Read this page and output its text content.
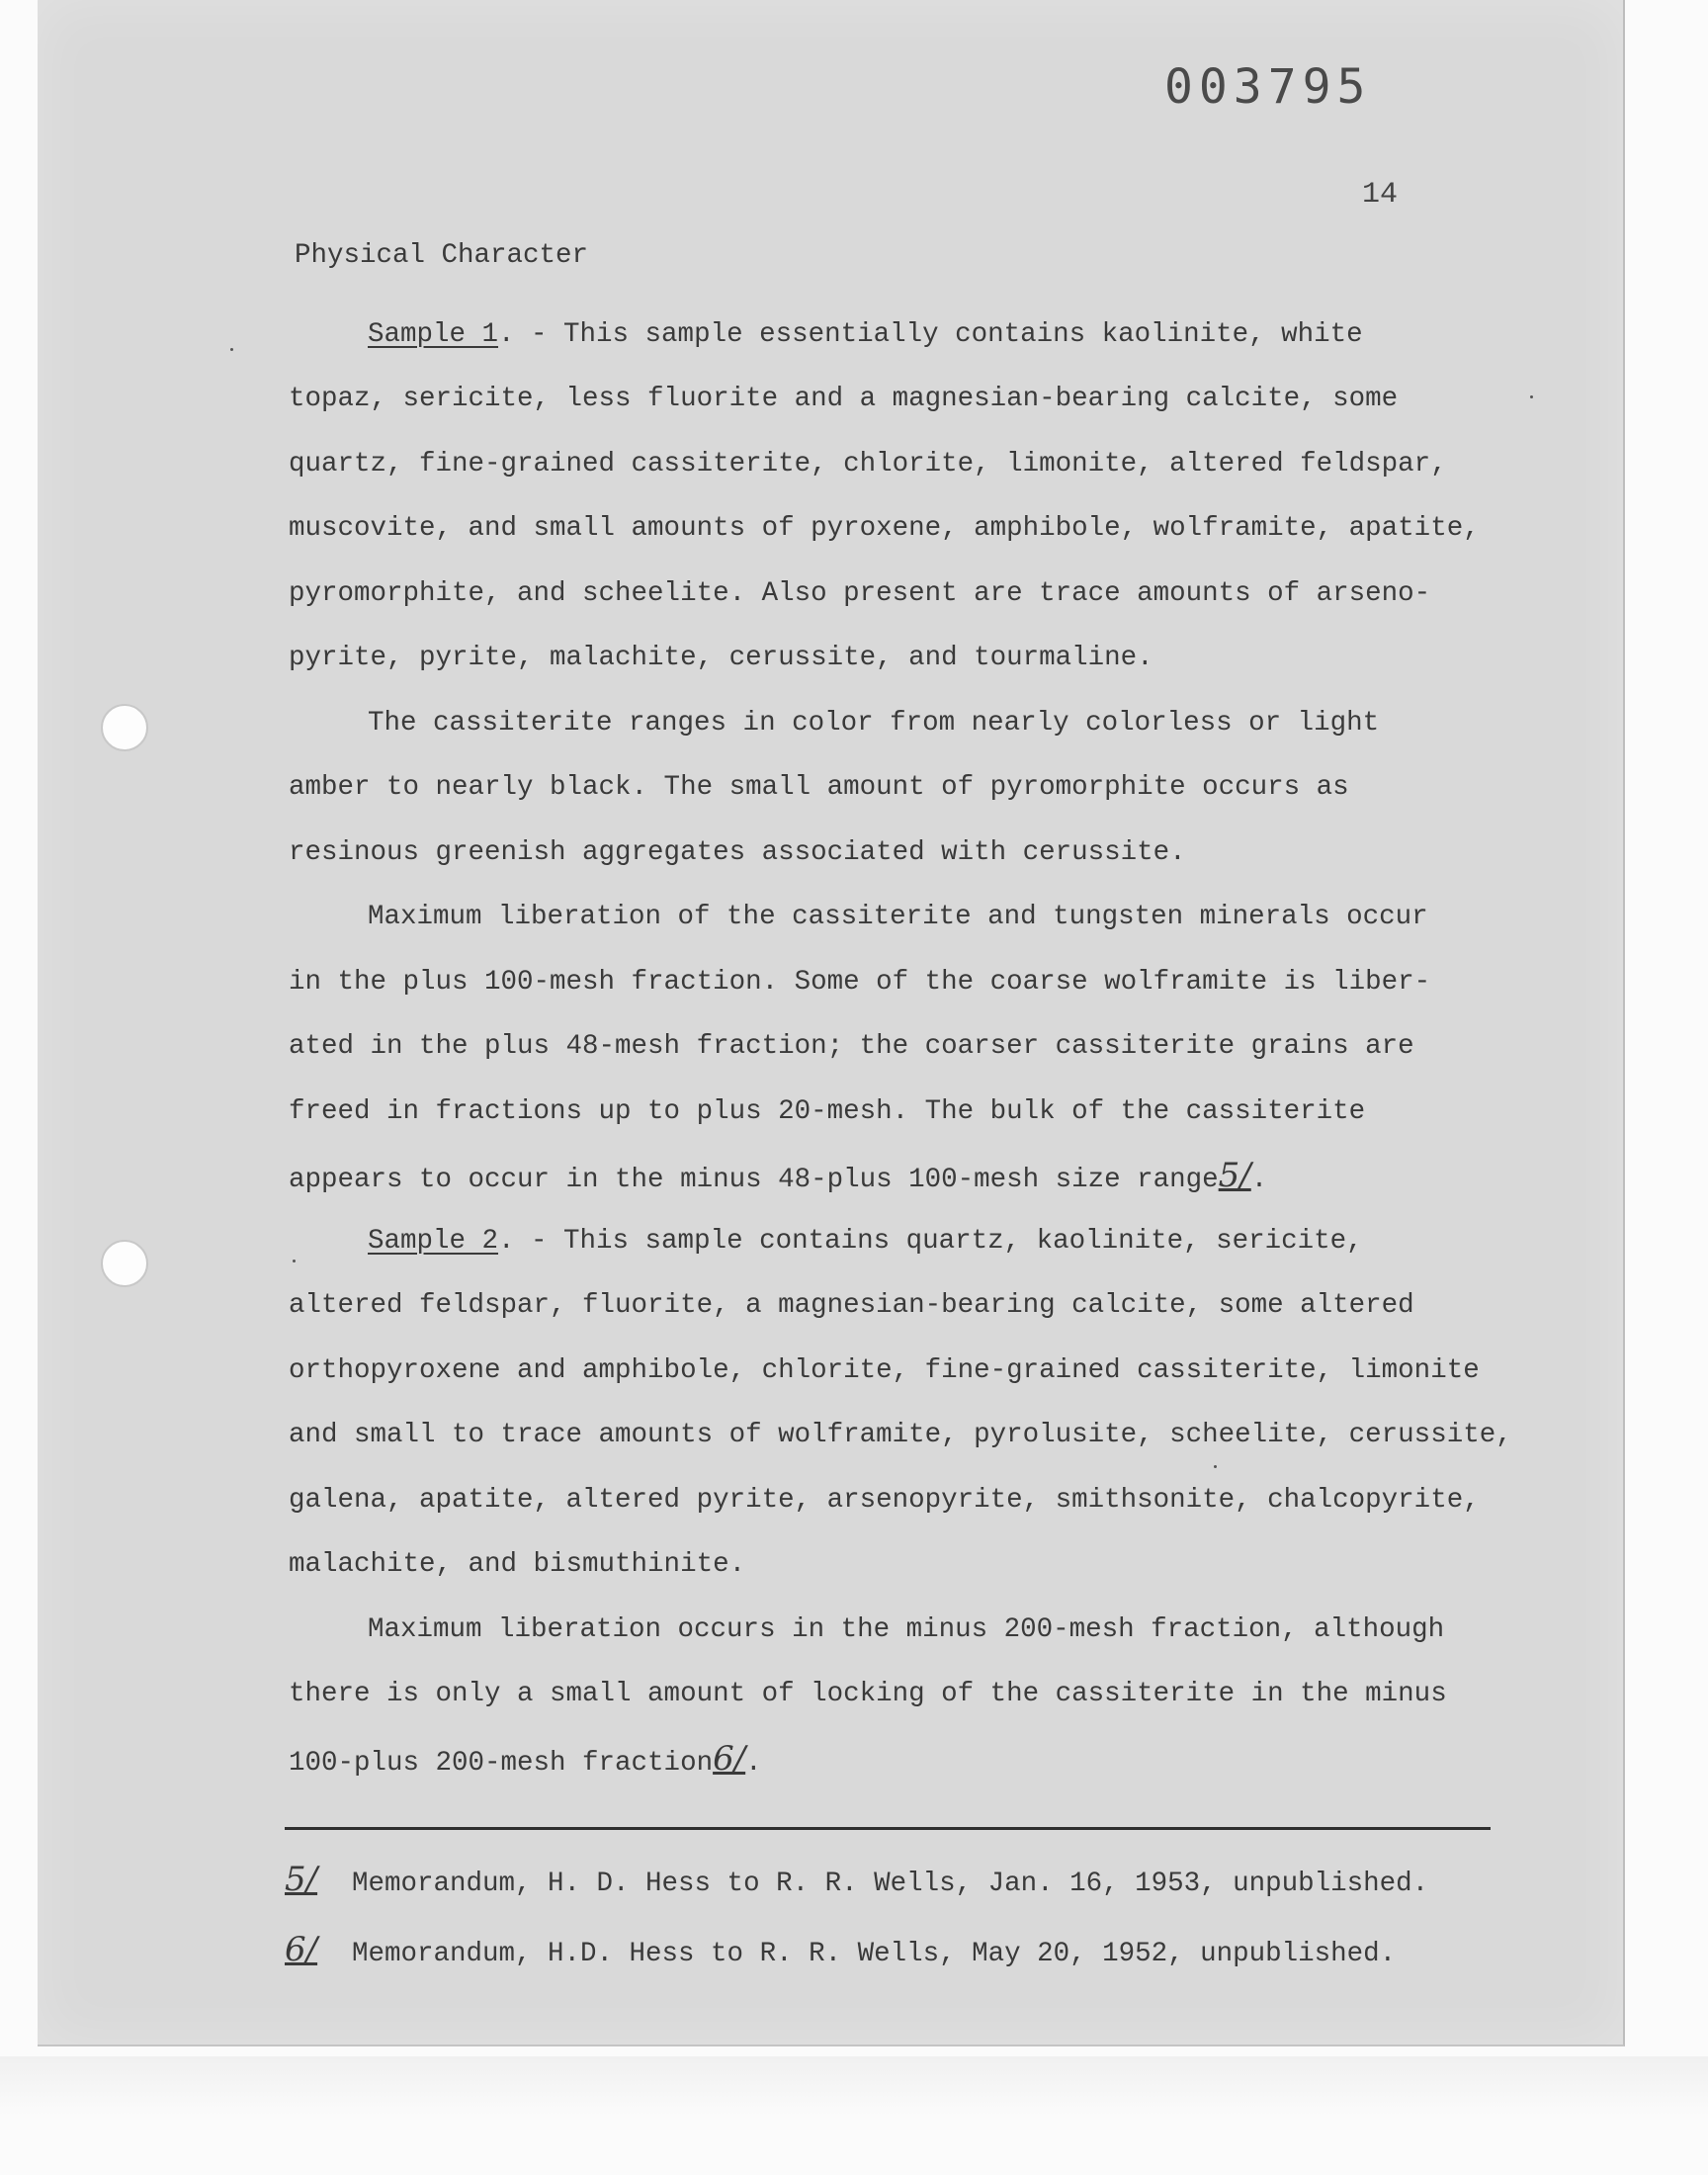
003795
14
Physical Character
Sample 1. - This sample essentially contains kaolinite, white
topaz, sericite, less fluorite and a magnesian-bearing calcite, some
quartz, fine-grained cassiterite, chlorite, limonite, altered feldspar,
muscovite, and small amounts of pyroxene, amphibole, wolframite, apatite,
pyromorphite, and scheelite. Also present are trace amounts of arseno-
pyrite, pyrite, malachite, cerussite, and tourmaline.
The cassiterite ranges in color from nearly colorless or light
amber to nearly black. The small amount of pyromorphite occurs as
resinous greenish aggregates associated with cerussite.
Maximum liberation of the cassiterite and tungsten minerals occur
in the plus 100-mesh fraction. Some of the coarse wolframite is liber-
ated in the plus 48-mesh fraction; the coarser cassiterite grains are
freed in fractions up to plus 20-mesh. The bulk of the cassiterite
appears to occur in the minus 48-plus 100-mesh size range5/.
Sample 2. - This sample contains quartz, kaolinite, sericite,
altered feldspar, fluorite, a magnesian-bearing calcite, some altered
orthopyroxene and amphibole, chlorite, fine-grained cassiterite, limonite
and small to trace amounts of wolframite, pyrolusite, scheelite, cerussite,
galena, apatite, altered pyrite, arsenopyrite, smithsonite, chalcopyrite,
malachite, and bismuthinite.
Maximum liberation occurs in the minus 200-mesh fraction, although
there is only a small amount of locking of the cassiterite in the minus
100-plus 200-mesh fraction6/.
5/ Memorandum, H. D. Hess to R. R. Wells, Jan. 16, 1953, unpublished.
6/ Memorandum, H.D. Hess to R. R. Wells, May 20, 1952, unpublished.
